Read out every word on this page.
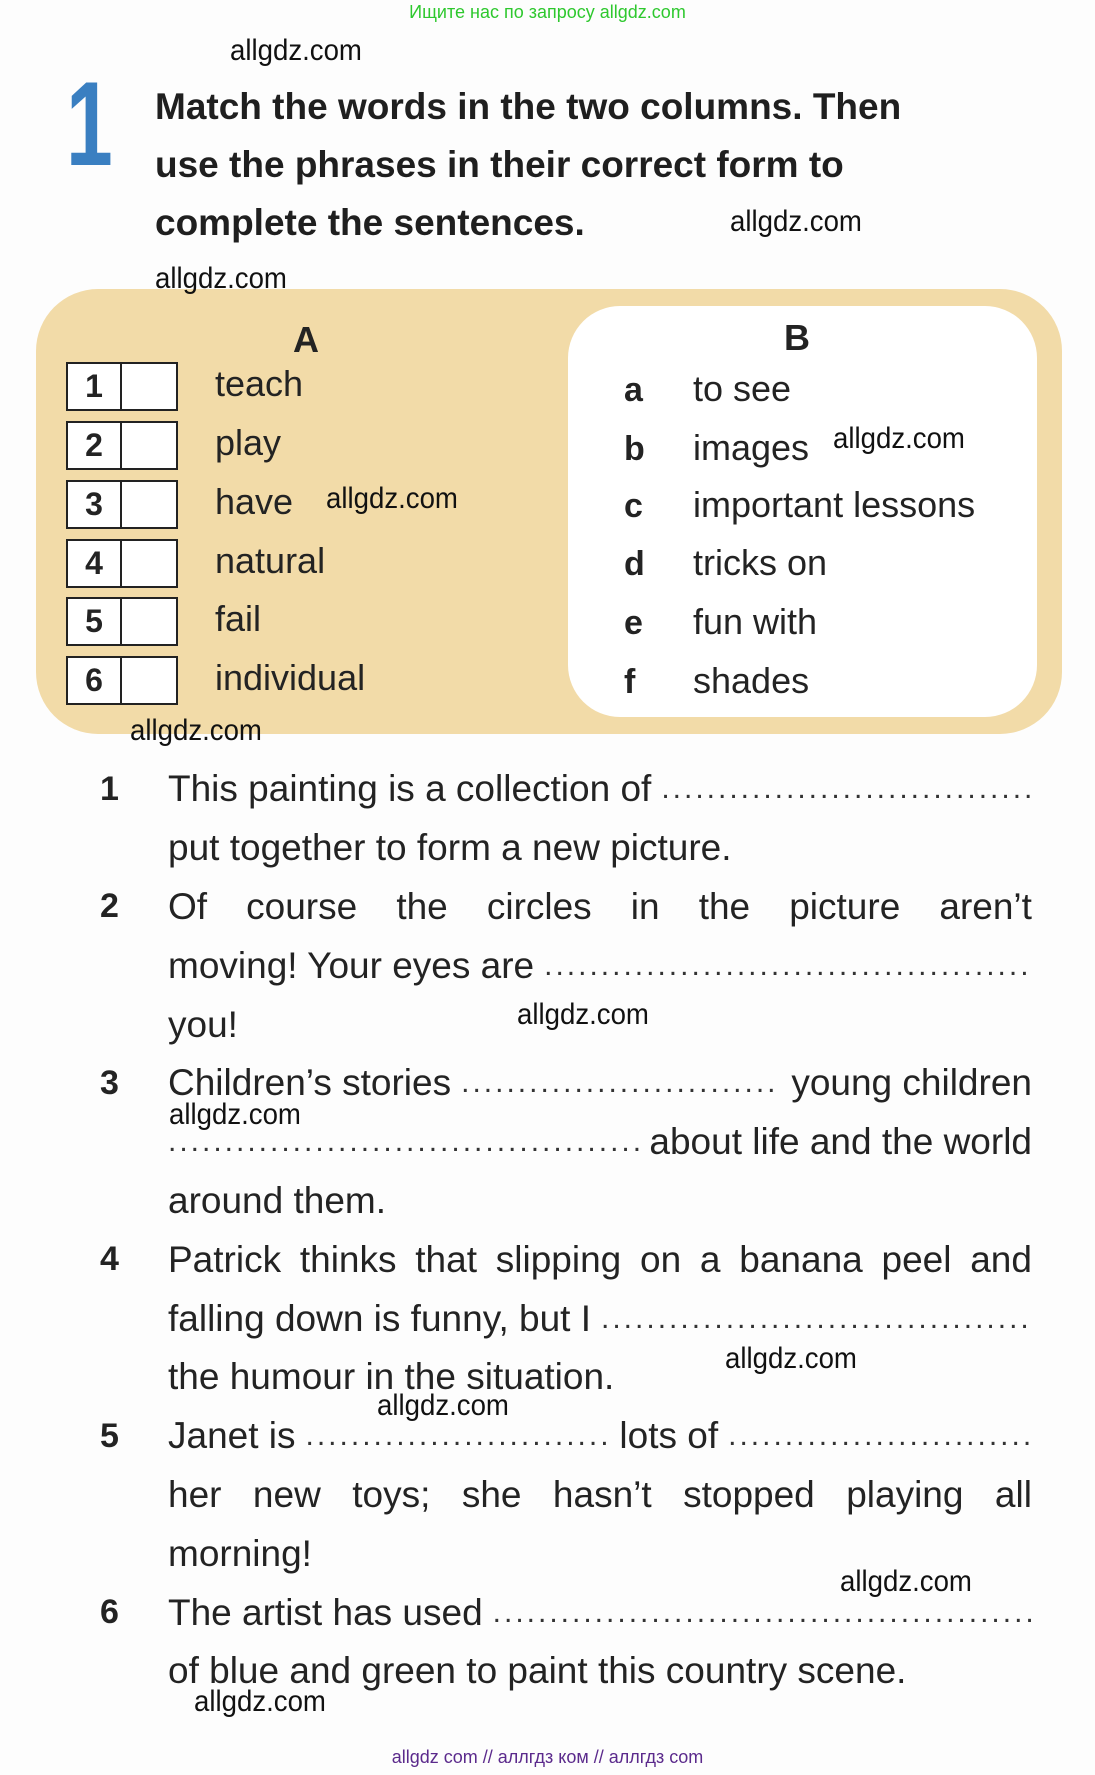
Ищите нас по запросу allgdz.com
1 Match the words in the two columns. Then
use the phrases in their correct form to
complete the sentences.
A	B
1	teach
2	play
3	have
4	natural
5	fail
6	individual
a to see
b images
c important lessons
d tricks on
e fun with
f shades
1 This painting is a collection of
.....
put together to form a new picture.
2 Of course the circles in the picture aren’t
moving! Your eyes are
.....
you!
3 Children’s stories .....	young children
.....
about life and the world
around them.
4 Patrick thinks that slipping on a banana peel and
falling down is funny, but I
.....
the humour in the situation.
5 Janet is .....	lots of
.....
her new toys; she hasn’t stopped playing all
morning!
6 The artist has used
.....
of blue and green to paint this country scene.
allgdz.com
allgdz.com
allgdz.com
allgdz.com
allgdz.com
allgdz.com
allgdz.com
allgdz.com
allgdz.com
allgdz.com
allgdz.com
allgdz.com
allgdz com // аллгдз ком // аллгдз com
